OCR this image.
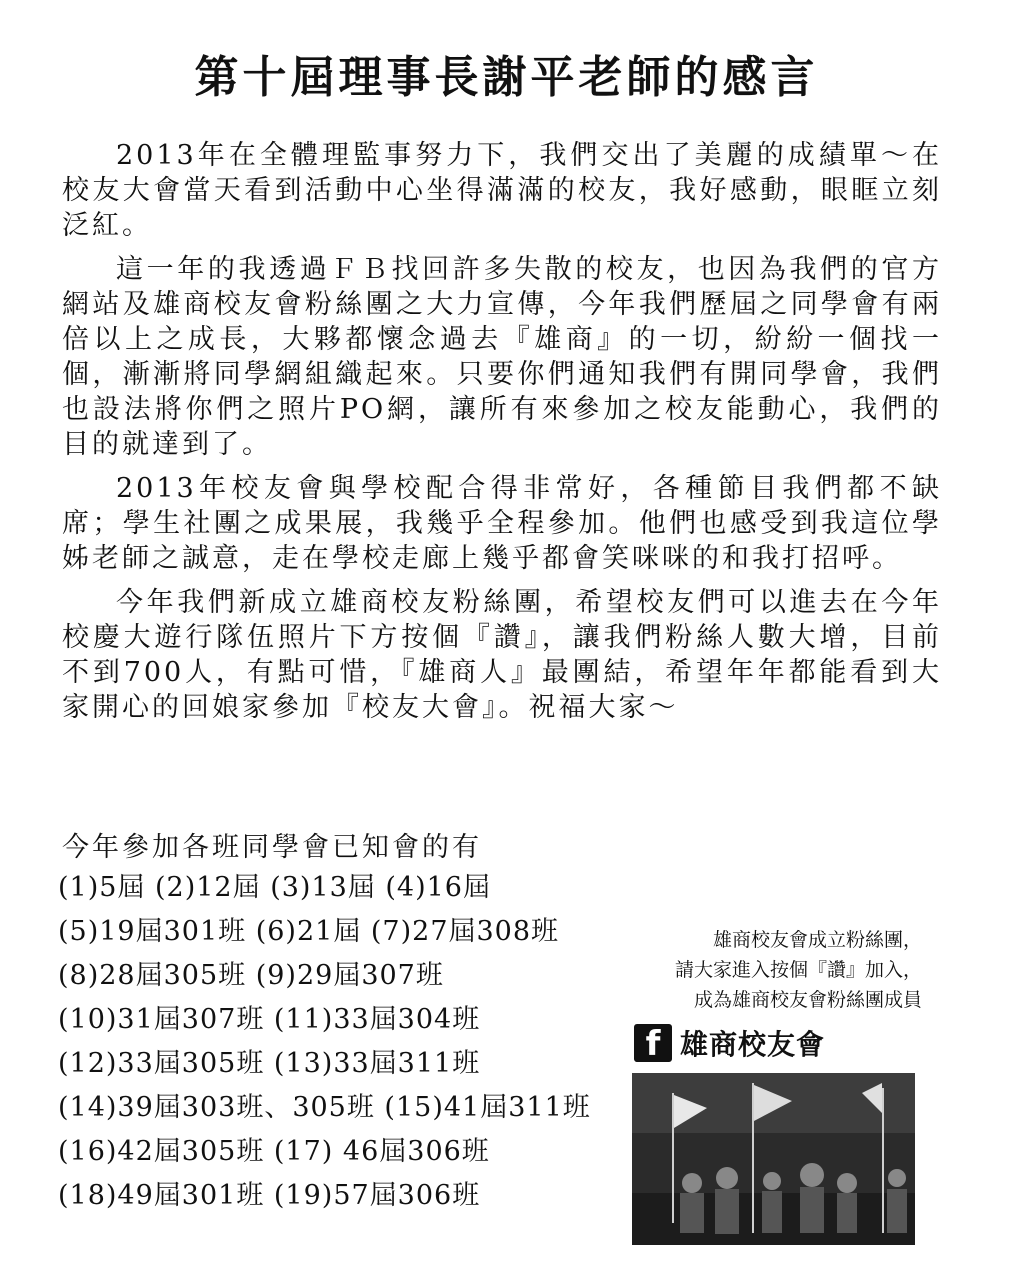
第十屆理事長謝平老師的感言

2013年在全體理監事努力下，我們交出了美麗的成績單～在校友大會當天看到活動中心坐得滿滿的校友，我好感動，眼眶立刻泛紅。

這一年的我透過ＦＢ找回許多失散的校友，也因為我們的官方網站及雄商校友會粉絲團之大力宣傳，今年我們歷屆之同學會有兩倍以上之成長，大夥都懷念過去『雄商』的一切，紛紛一個找一個，漸漸將同學網組織起來。只要你們通知我們有開同學會，我們也設法將你們之照片PO網，讓所有來參加之校友能動心，我們的目的就達到了。

2013年校友會與學校配合得非常好，各種節目我們都不缺席；學生社團之成果展，我幾乎全程參加。他們也感受到我這位學姊老師之誠意，走在學校走廊上幾乎都會笑咪咪的和我打招呼。

今年我們新成立雄商校友粉絲團，希望校友們可以進去在今年校慶大遊行隊伍照片下方按個『讚』，讓我們粉絲人數大增，目前不到700人，有點可惜，『雄商人』最團結，希望年年都能看到大家開心的回娘家參加『校友大會』。祝福大家～

今年參加各班同學會已知會的有
(1)5屆 (2)12屆 (3)13屆 (4)16屆
(5)19屆301班 (6)21屆 (7)27屆308班
(8)28屆305班 (9)29屆307班
(10)31屆307班 (11)33屆304班
(12)33屆305班 (13)33屆311班
(14)39屆303班、305班 (15)41屆311班
(16)42屆305班 (17) 46屆306班
(18)49屆301班 (19)57屆306班
雄商校友會成立粉絲團，
請大家進入按個『讚』加入，
成為雄商校友會粉絲團成員
f 雄商校友會
